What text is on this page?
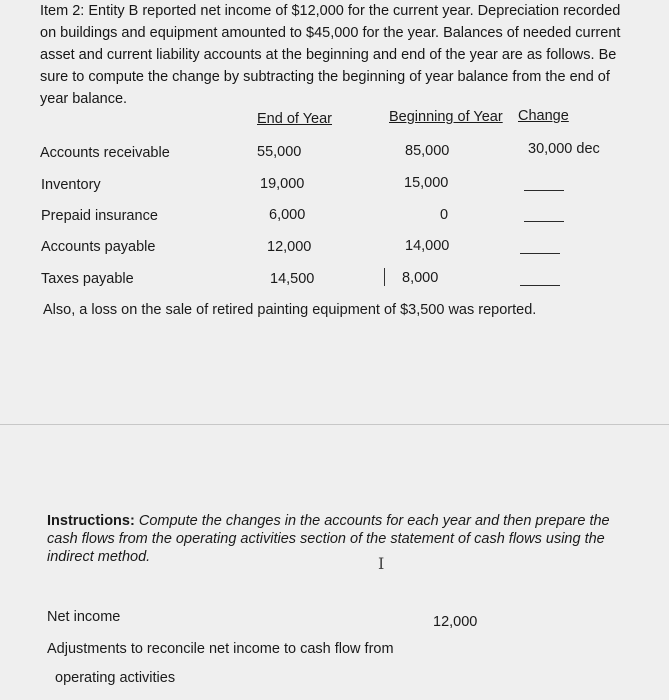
Item 2: Entity B reported net income of $12,000 for the current year. Depreciation recorded on buildings and equipment amounted to $45,000 for the year. Balances of needed current asset and current liability accounts at the beginning and end of the year are as follows. Be sure to compute the change by subtracting the beginning of year balance from the end of year balance.
End of Year	Beginning of Year Change
Accounts receivable	55,000	85,000	30,000 dec
Inventory	19,000	15,000
Prepaid insurance	6,000	0
Accounts payable	12,000	14,000
Taxes payable	14,500	8,000
Also, a loss on the sale of retired painting equipment of $3,500 was reported.
Instructions: Compute the changes in the accounts for each year and then prepare the cash flows from the operating activities section of the statement of cash flows using the indirect method.	I
Net income	12,000
Adjustments to reconcile net income to cash flow from
operating activities
